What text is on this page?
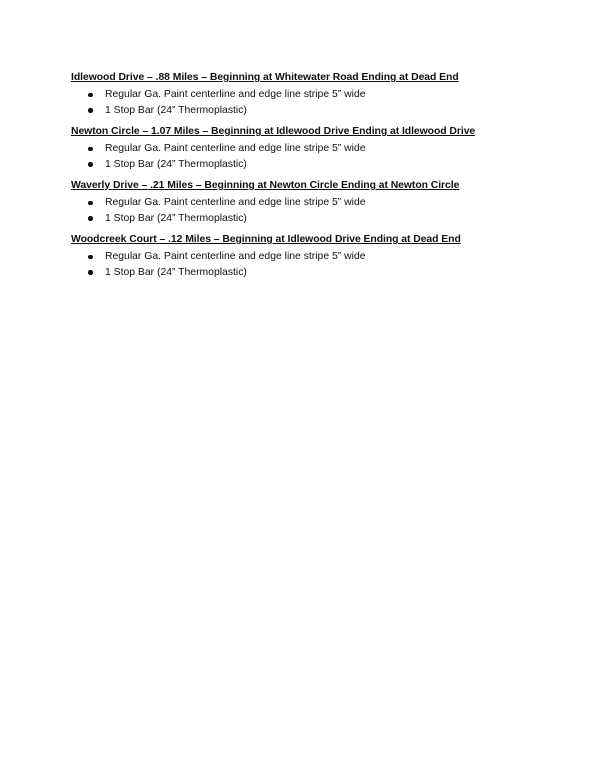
Idlewood Drive – .88 Miles – Beginning at Whitewater Road Ending at Dead End
Regular Ga. Paint centerline and edge line stripe 5” wide
1 Stop Bar (24” Thermoplastic)
Newton Circle – 1.07 Miles – Beginning at Idlewood Drive Ending at Idlewood Drive
Regular Ga. Paint centerline and edge line stripe 5” wide
1 Stop Bar (24” Thermoplastic)
Waverly Drive – .21 Miles – Beginning at Newton Circle Ending at Newton Circle
Regular Ga. Paint centerline and edge line stripe 5” wide
1 Stop Bar (24” Thermoplastic)
Woodcreek Court – .12 Miles – Beginning at Idlewood Drive Ending at Dead End
Regular Ga. Paint centerline and edge line stripe 5” wide
1 Stop Bar (24” Thermoplastic)
